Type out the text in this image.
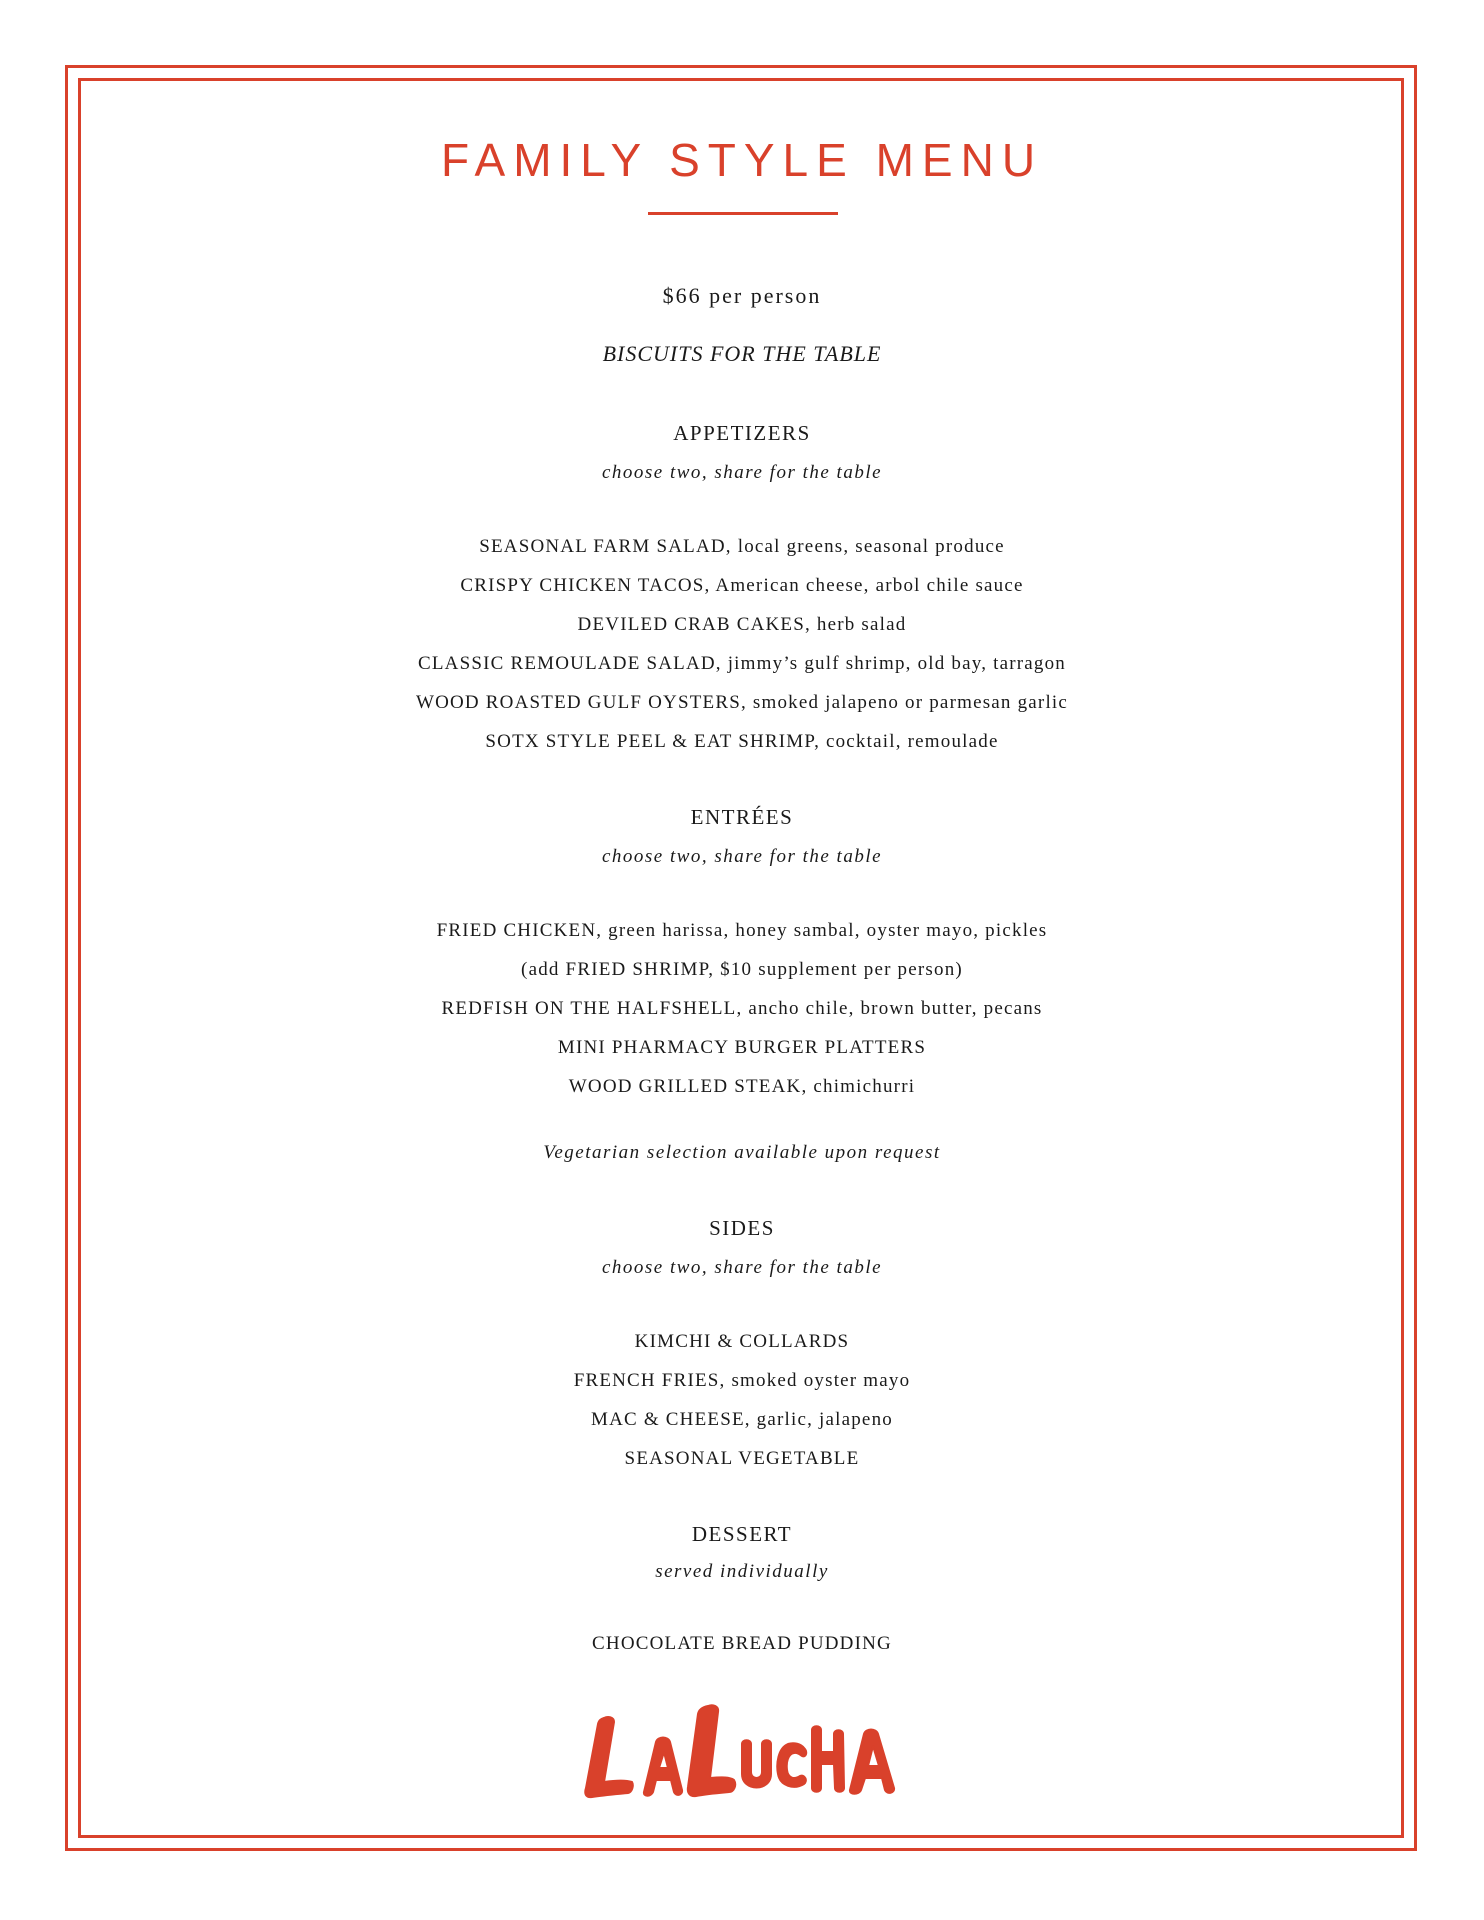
FAMILY STYLE MENU
$66 per person
BISCUITS FOR THE TABLE
APPETIZERS
choose two, share for the table
SEASONAL FARM SALAD, local greens, seasonal produce
CRISPY CHICKEN TACOS, American cheese, arbol chile sauce
DEVILED CRAB CAKES, herb salad
CLASSIC REMOULADE SALAD, jimmy’s gulf shrimp, old bay, tarragon
WOOD ROASTED GULF OYSTERS, smoked jalapeno or parmesan garlic
SOTX STYLE PEEL & EAT SHRIMP, cocktail, remoulade
ENTRÉES
choose two, share for the table
FRIED CHICKEN, green harissa, honey sambal, oyster mayo, pickles
(add FRIED SHRIMP, $10 supplement per person)
REDFISH ON THE HALFSHELL, ancho chile, brown butter, pecans
MINI PHARMACY BURGER PLATTERS
WOOD GRILLED STEAK, chimichurri
Vegetarian selection available upon request
SIDES
choose two, share for the table
KIMCHI & COLLARDS
FRENCH FRIES, smoked oyster mayo
MAC & CHEESE, garlic, jalapeno
SEASONAL VEGETABLE
DESSERT
served individually
CHOCOLATE BREAD PUDDING
